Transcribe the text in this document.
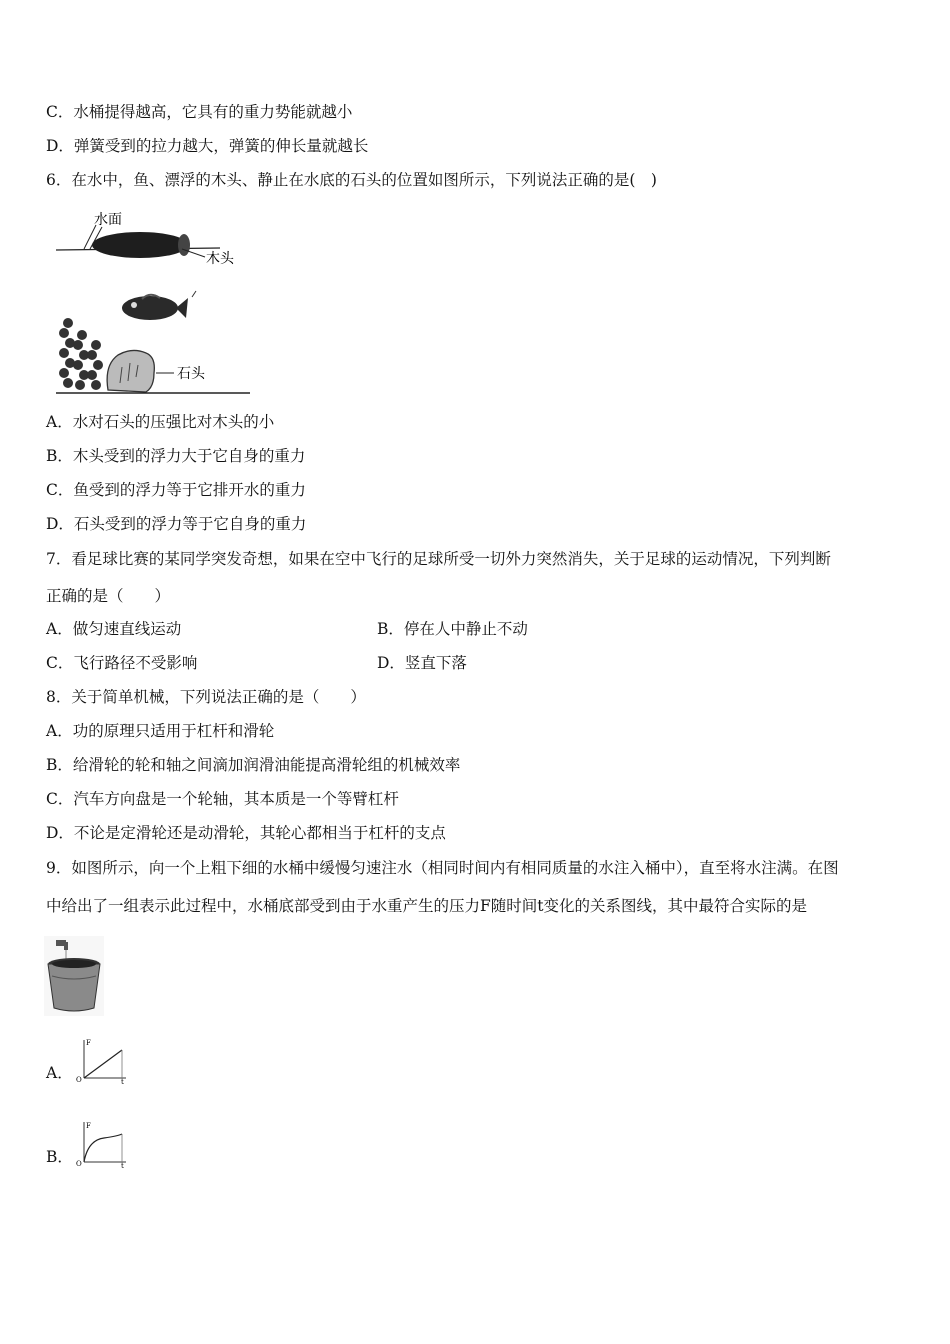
C．水桶提得越高，它具有的重力势能就越小
D．弹簧受到的拉力越大，弹簧的伸长量就越长
6．在水中，鱼、漂浮的木头、静止在水底的石头的位置如图所示，下列说法正确的是(　)
水面
木头
石头
A．水对石头的压强比对木头的小
B．木头受到的浮力大于它自身的重力
C．鱼受到的浮力等于它排开水的重力
D．石头受到的浮力等于它自身的重力
7．看足球比赛的某同学突发奇想，如果在空中飞行的足球所受一切外力突然消失，关于足球的运动情况，下列判断
正确的是（　　）
A．做匀速直线运动	B．停在人中静止不动
C．飞行路径不受影响	D．竖直下落
8．关于简单机械，下列说法正确的是（　　）
A．功的原理只适用于杠杆和滑轮
B．给滑轮的轮和轴之间滴加润滑油能提高滑轮组的机械效率
C．汽车方向盘是一个轮轴，其本质是一个等臂杠杆
D．不论是定滑轮还是动滑轮，其轮心都相当于杠杆的支点
9．如图所示，向一个上粗下细的水桶中缓慢匀速注水（相同时间内有相同质量的水注入桶中），直至将水注满。在图
中给出了一组表示此过程中，水桶底部受到由于水重产生的压力F随时间t变化的关系图线，其中最符合实际的是
A．
F
t
O
B．
F
t
O
